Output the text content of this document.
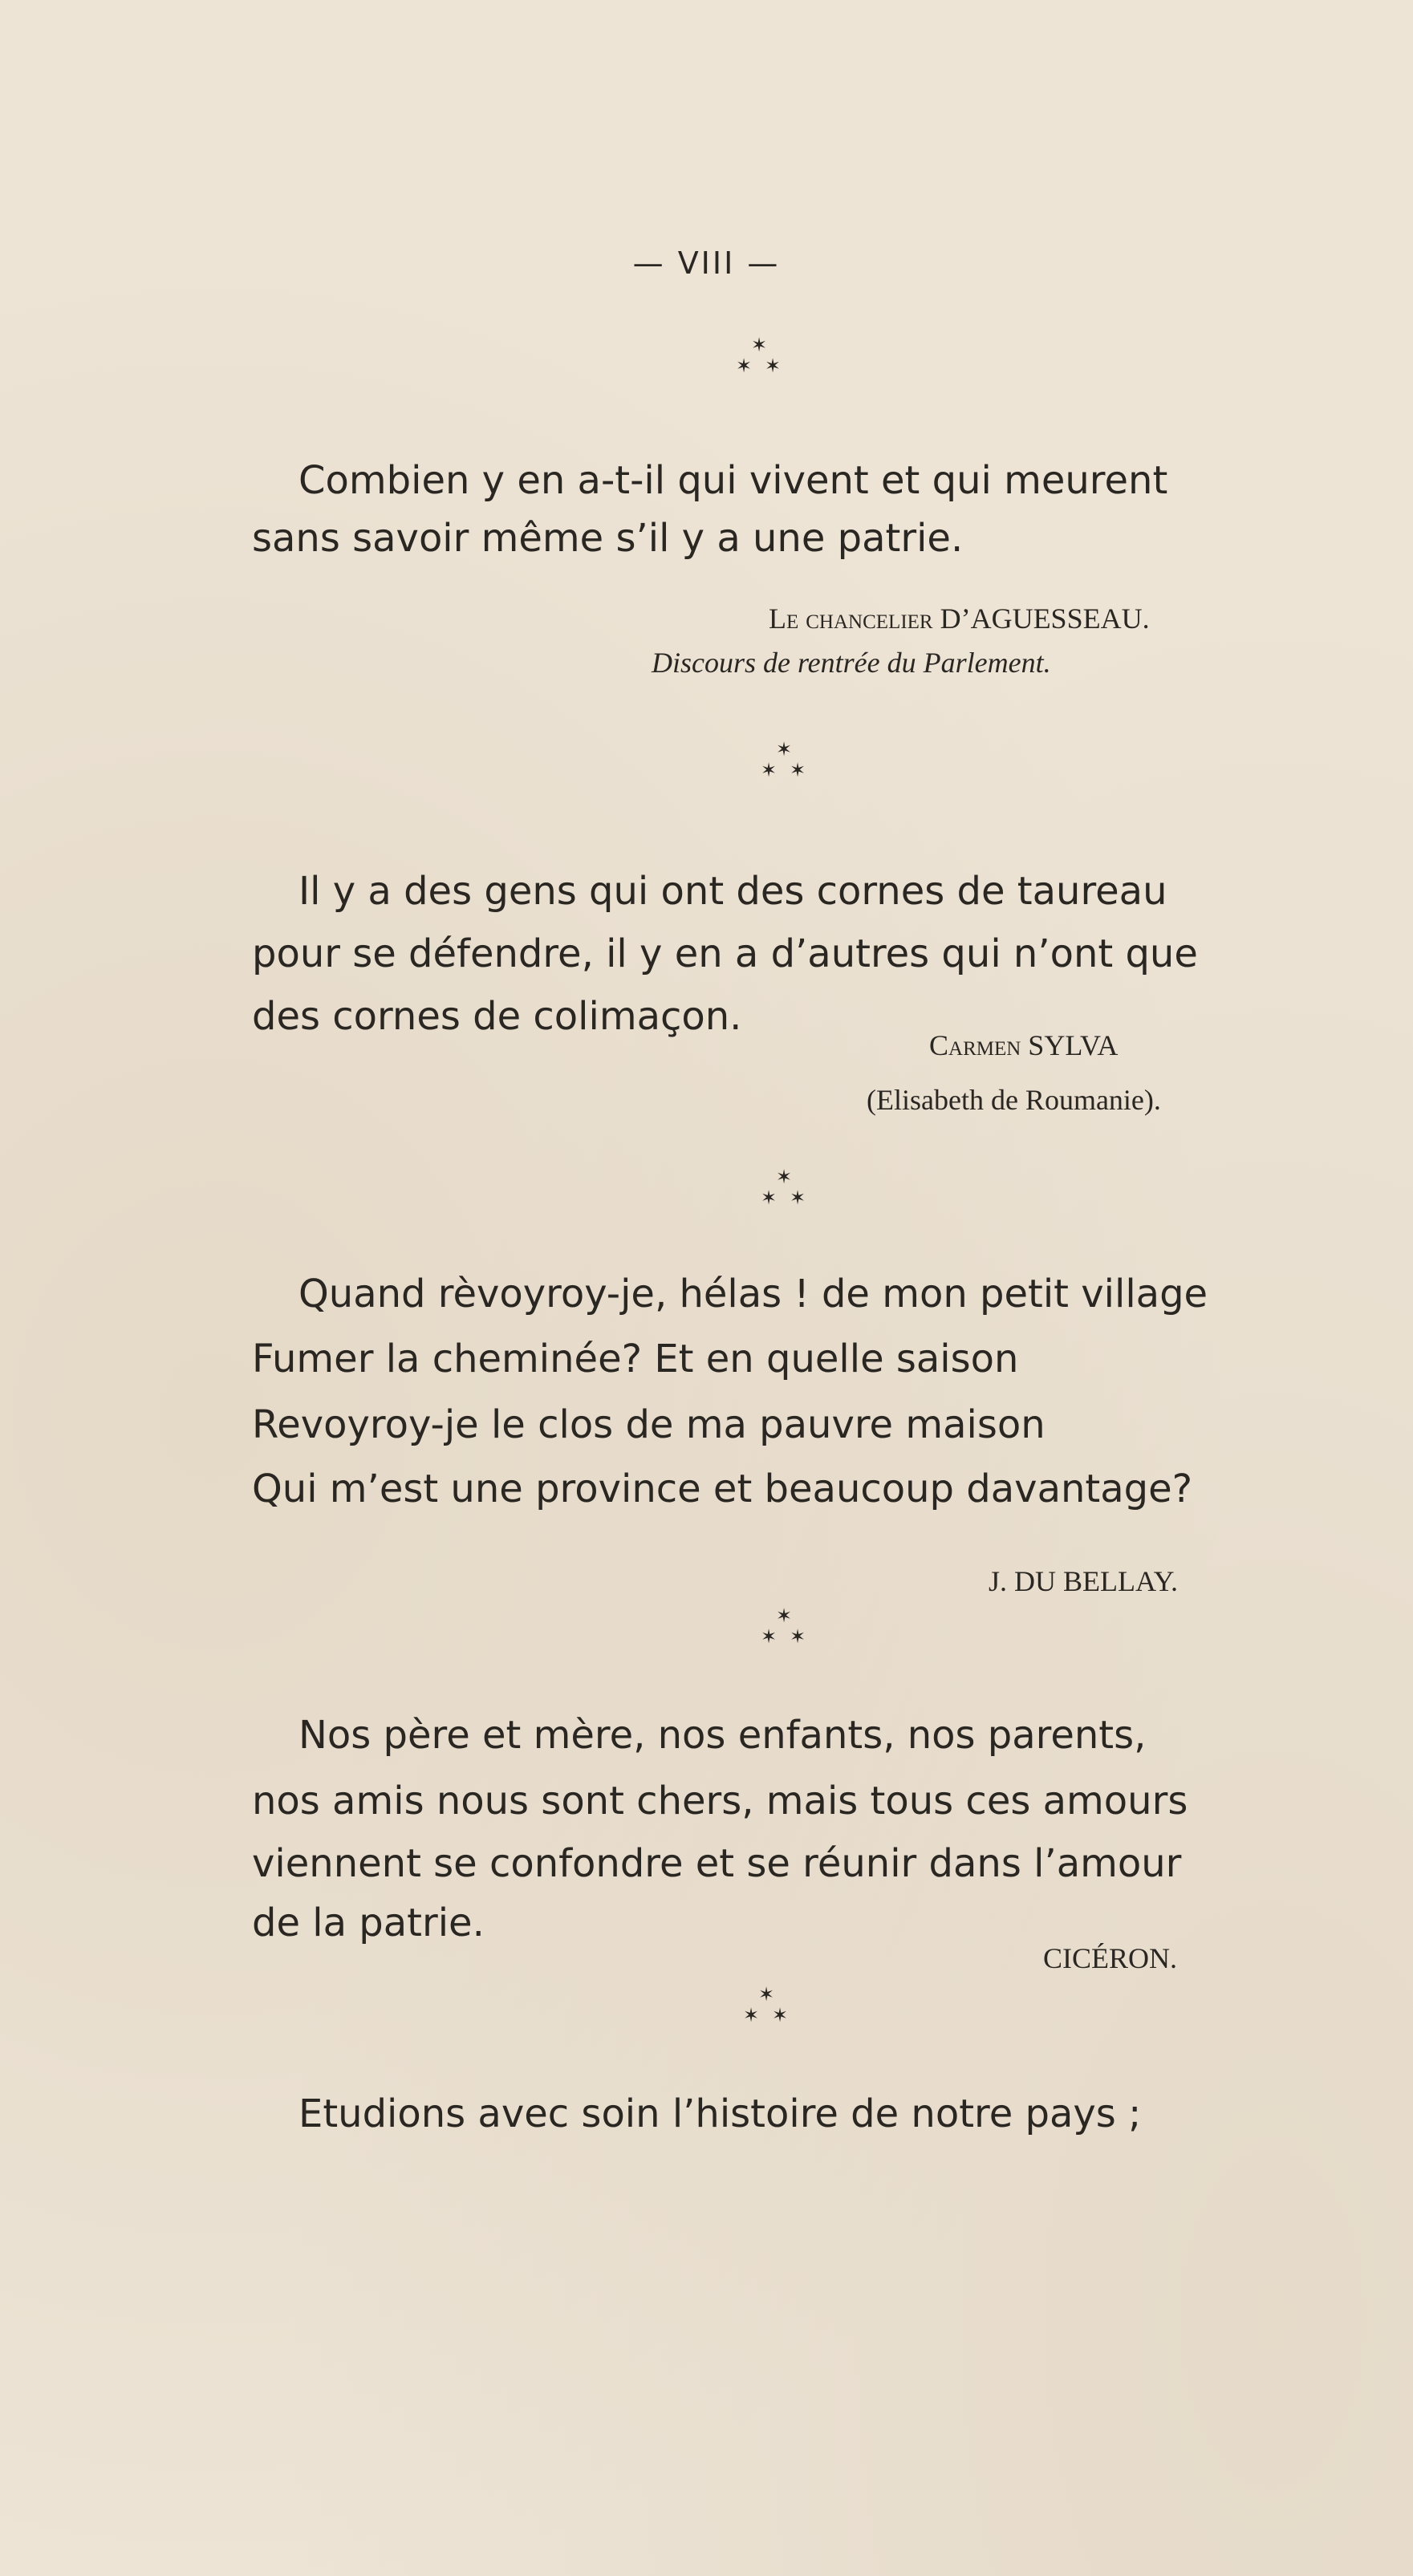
— VIII —

✶
✶ ✶

Combien y en a-t-il qui vivent et qui meurent

sans savoir même s’il y a une patrie.

Le chancelier D’AGUESSEAU.

Discours de rentrée du Parlement.

✶
✶ ✶

Il y a des gens qui ont des cornes de taureau

pour se défendre, il y en a d’autres qui n’ont que

des cornes de colimaçon.

Carmen SYLVA

(Elisabeth de Roumanie).

✶
✶ ✶

Quand rèvoyroy-je, hélas ! de mon petit village

Fumer la cheminée? Et en quelle saison

Revoyroy-je le clos de ma pauvre maison

Qui m’est une province et beaucoup davantage?

J. DU BELLAY.

✶
✶ ✶

Nos père et mère, nos enfants, nos parents,

nos amis nous sont chers, mais tous ces amours

viennent se confondre et se réunir dans l’amour

de la patrie.

CICÉRON.

✶
✶ ✶

Etudions avec soin l’histoire de notre pays ;
